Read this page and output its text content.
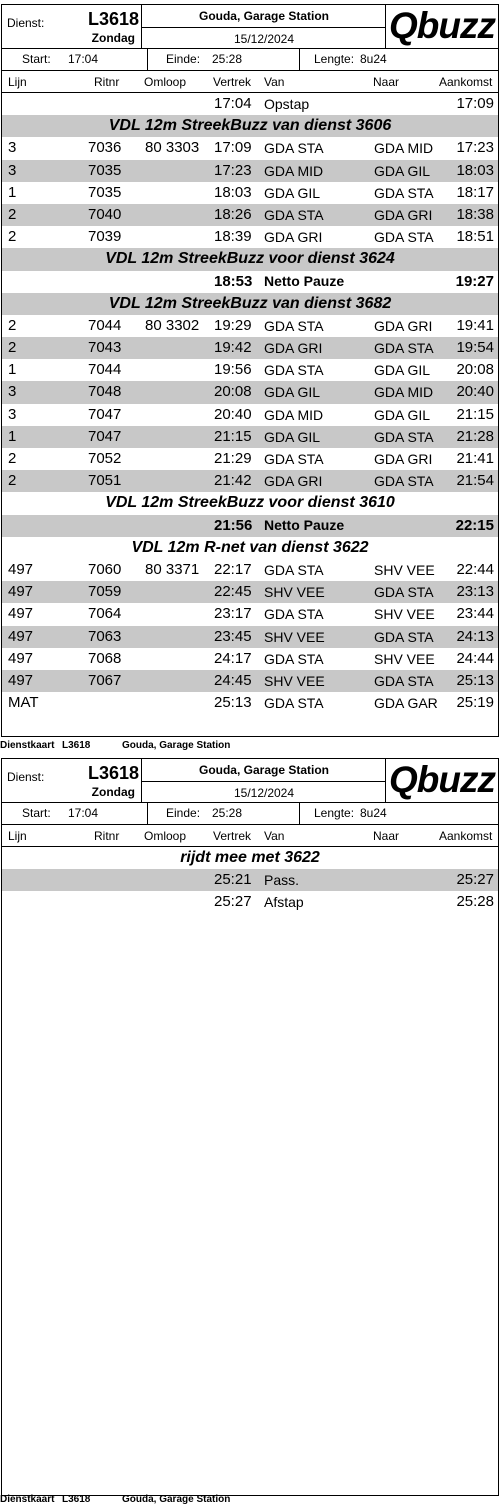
Dienst: L3618
Zondag
Gouda, Garage Station
15/12/2024	Qbuzz
Start: 17:04	Einde: 25:28	Lengte: 8u24
Lijn	Ritnr Omloop Vertrek Van	Naar	Aankomst
17:04 Opstap	17:09
VDL 12m StreekBuzz van dienst 3606
3	7036 80 3303 17:09 GDA STA	GDA MID 17:23
3	7035	17:23 GDA MID	GDA GIL 18:03
1	7035	18:03 GDA GIL	GDA STA 18:17
2	7040	18:26 GDA STA	GDA GRI 18:38
2	7039	18:39 GDA GRI	GDA STA 18:51
VDL 12m StreekBuzz voor dienst 3624
18:53 Netto Pauze	19:27
VDL 12m StreekBuzz van dienst 3682
2	7044 80 3302 19:29 GDA STA	GDA GRI 19:41
2	7043	19:42 GDA GRI	GDA STA 19:54
1	7044	19:56 GDA STA	GDA GIL 20:08
3	7048	20:08 GDA GIL	GDA MID 20:40
3	7047	20:40 GDA MID	GDA GIL 21:15
1	7047	21:15 GDA GIL	GDA STA 21:28
2	7052	21:29 GDA STA	GDA GRI 21:41
2	7051	21:42 GDA GRI	GDA STA 21:54
VDL 12m StreekBuzz voor dienst 3610
21:56 Netto Pauze	22:15
VDL 12m R-net van dienst 3622
497	7060 80 3371 22:17 GDA STA	SHV VEE 22:44
497	7059	22:45 SHV VEE	GDA STA 23:13
497	7064	23:17 GDA STA	SHV VEE 23:44
497	7063	23:45 SHV VEE	GDA STA 24:13
497	7068	24:17 GDA STA	SHV VEE 24:44
497	7067	24:45 SHV VEE	GDA STA 25:13
MAT	25:13 GDA STA	GDA GAR 25:19
Dienstkaart L3618	Gouda, Garage Station
Dienst: L3618
Zondag
Gouda, Garage Station
15/12/2024	Qbuzz
Start: 17:04	Einde: 25:28	Lengte: 8u24
Lijn	Ritnr Omloop Vertrek Van	Naar	Aankomst
rijdt mee met 3622
25:21 Pass.	25:27
25:27 Afstap	25:28
Dienstkaart L3618	Gouda, Garage Station
